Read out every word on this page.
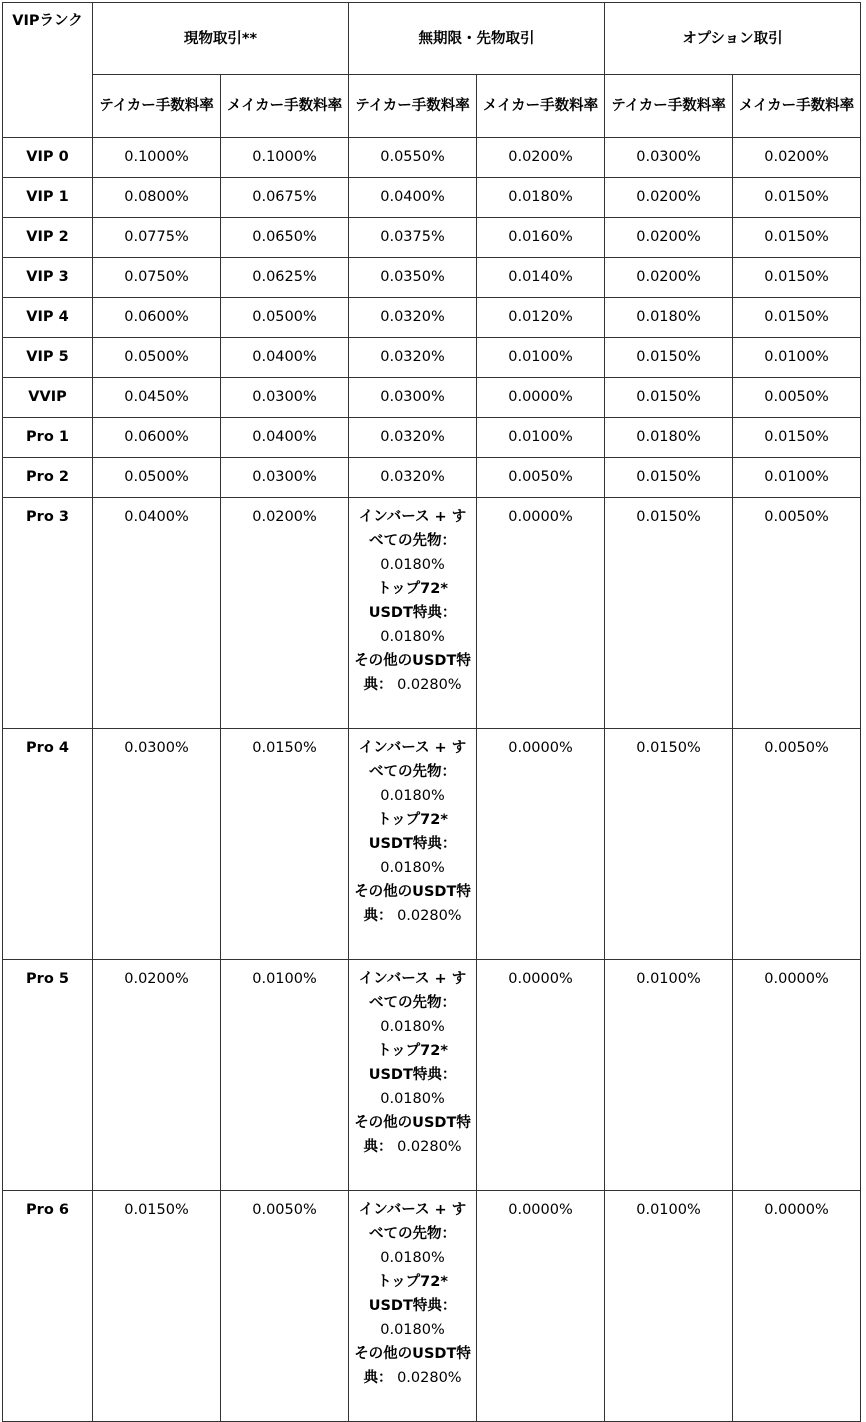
VIPランク	現物取引**		無期限・先物取引		オプション取引	
	テイカー手数料率	メイカー手数料率	テイカー手数料率	メイカー手数料率	テイカー手数料率	メイカー手数料率
VIP 0	0.1000%	0.1000%	0.0550%	0.0200%	0.0300%	0.0200%
VIP 1	0.0800%	0.0675%	0.0400%	0.0180%	0.0200%	0.0150%
VIP 2	0.0775%	0.0650%	0.0375%	0.0160%	0.0200%	0.0150%
VIP 3	0.0750%	0.0625%	0.0350%	0.0140%	0.0200%	0.0150%
VIP 4	0.0600%	0.0500%	0.0320%	0.0120%	0.0180%	0.0150%
VIP 5	0.0500%	0.0400%	0.0320%	0.0100%	0.0150%	0.0100%
VVIP	0.0450%	0.0300%	0.0300%	0.0000%	0.0150%	0.0050%
Pro 1	0.0600%	0.0400%	0.0320%	0.0100%	0.0180%	0.0150%
Pro 2	0.0500%	0.0300%	0.0320%	0.0050%	0.0150%	0.0100%
Pro 3	0.0400%	0.0200%	インバース + すべての先物：
0.0180%
トップ72* USDT特典：
0.0180%
その他のUSDT特典： 0.0280%	0.0000%	0.0150%	0.0050%
Pro 4	0.0300%	0.0150%	インバース + すべての先物：
0.0180%
トップ72* USDT特典：
0.0180%
その他のUSDT特典： 0.0280%	0.0000%	0.0150%	0.0050%
Pro 5	0.0200%	0.0100%	インバース + すべての先物：
0.0180%
トップ72* USDT特典：
0.0180%
その他のUSDT特典： 0.0280%	0.0000%	0.0100%	0.0000%
Pro 6	0.0150%	0.0050%	インバース + すべての先物：
0.0180%
トップ72* USDT特典：
0.0180%
その他のUSDT特典： 0.0280%	0.0000%	0.0100%	0.0000%
